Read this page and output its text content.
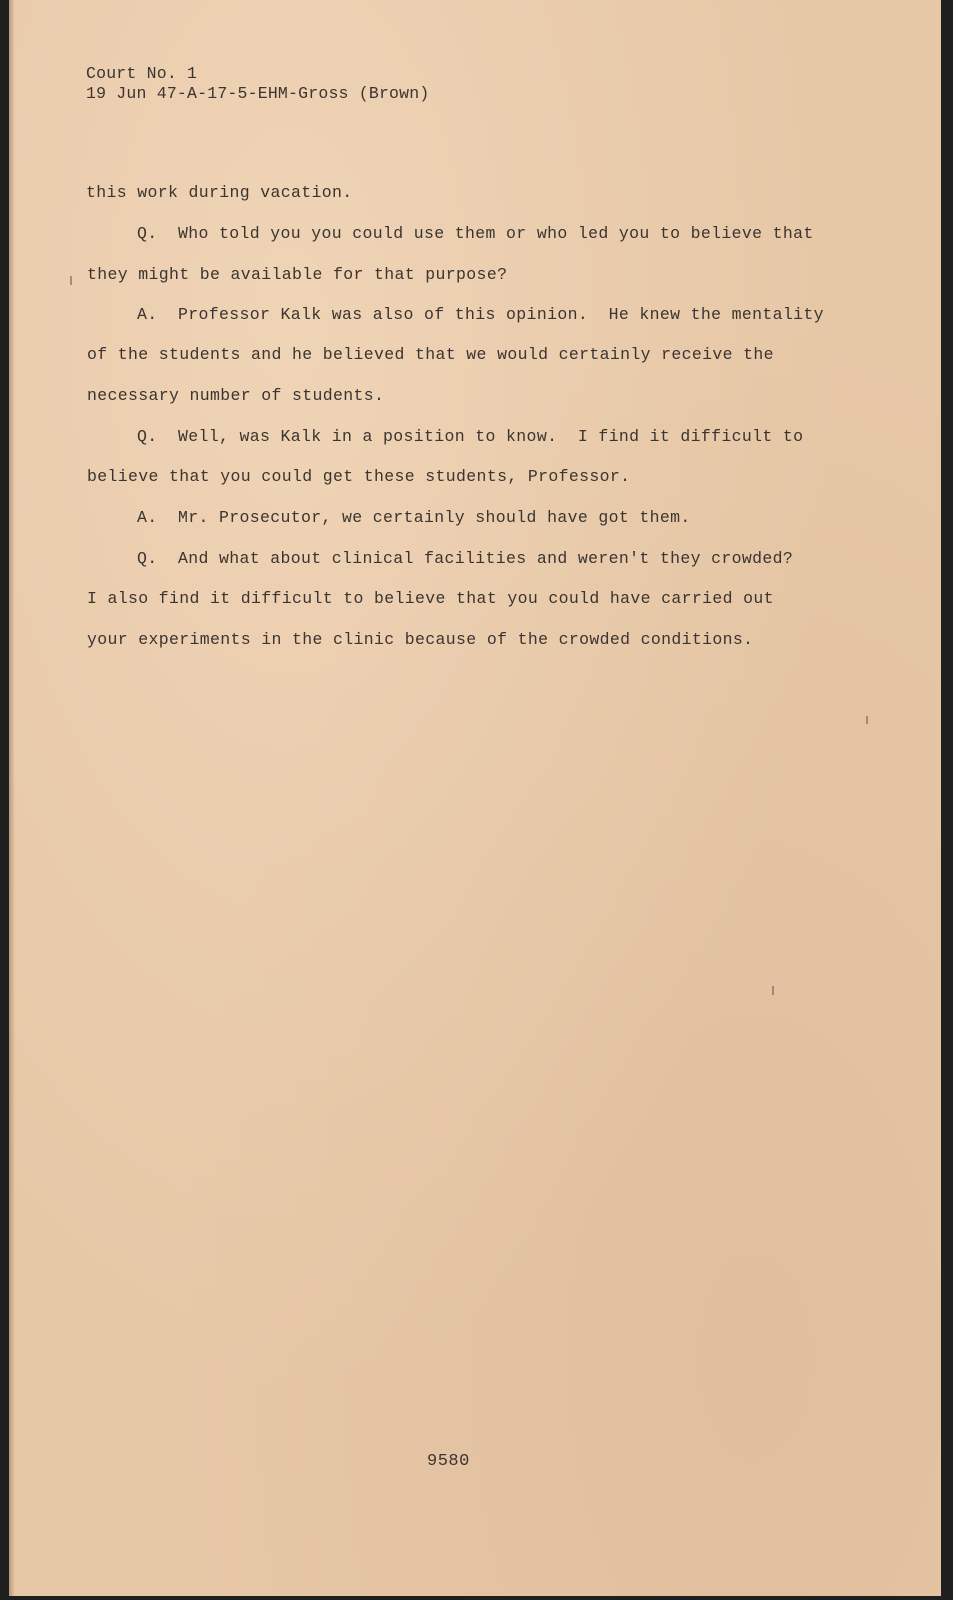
Court No. 1
19 Jun 47-A-17-5-EHM-Gross (Brown)
this work during vacation.
Q.  Who told you you could use them or who led you to believe that
they might be available for that purpose?
A.  Professor Kalk was also of this opinion.  He knew the mentality
of the students and he believed that we would certainly receive the
necessary number of students.
Q.  Well, was Kalk in a position to know.  I find it difficult to
believe that you could get these students, Professor.
A.  Mr. Prosecutor, we certainly should have got them.
Q.  And what about clinical facilities and weren't they crowded?
I also find it difficult to believe that you could have carried out
your experiments in the clinic because of the crowded conditions.
9580
